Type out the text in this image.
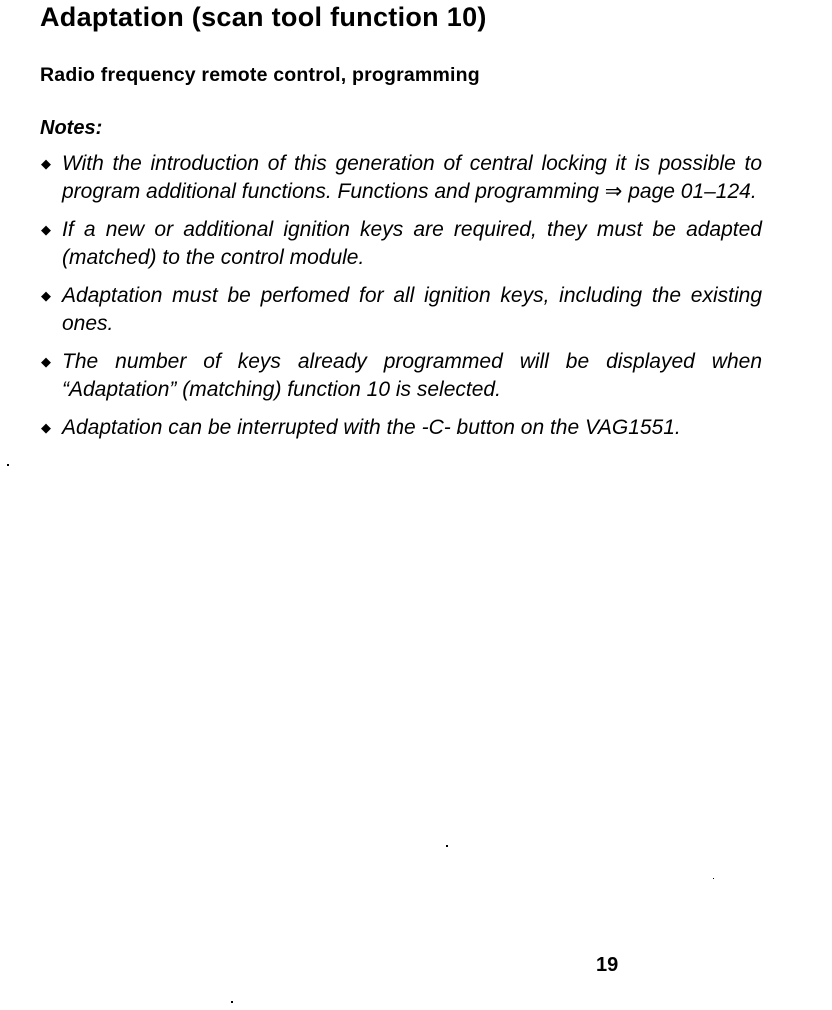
Adaptation (scan tool function 10)
Radio frequency remote control, programming
Notes:
◆ With the introduction of this generation of central locking it is possible to program additional functions. Functions and programming ⇒ page 01–124.
◆ If a new or additional ignition keys are required, they must be adapted (matched) to the control module.
◆ Adaptation must be perfomed for all ignition keys, including the existing ones.
◆ The number of keys already programmed will be displayed when “Adaptation” (matching) function 10 is selected.
◆ Adaptation can be interrupted with the -C- button on the VAG1551.

19
